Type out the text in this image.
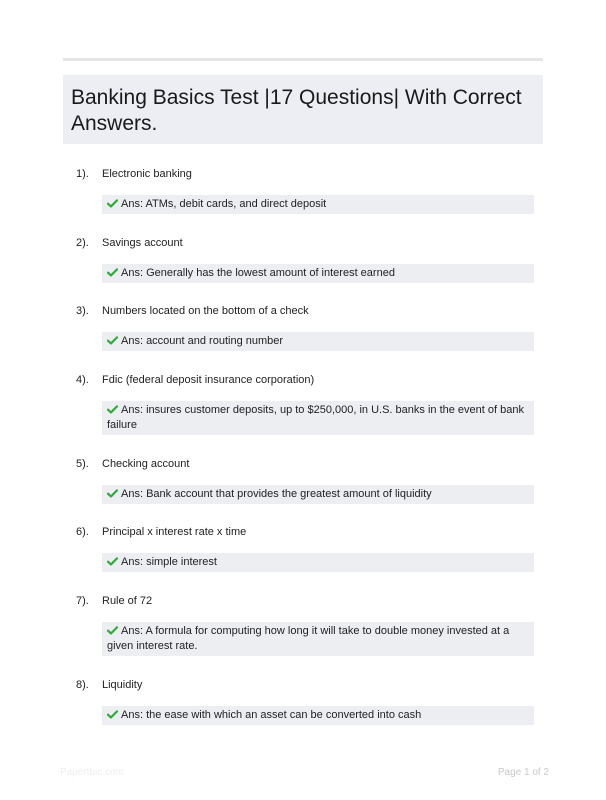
Banking Basics Test |17 Questions| With Correct Answers.
1).	Electronic banking
Ans: ATMs, debit cards, and direct deposit
2).	Savings account
Ans: Generally has the lowest amount of interest earned
3).	Numbers located on the bottom of a check
Ans: account and routing number
4).	Fdic (federal deposit insurance corporation)
Ans: insures customer deposits, up to $250,000, in U.S. banks in the event of bank failure
5).	Checking account
Ans: Bank account that provides the greatest amount of liquidity
6).	Principal x interest rate x time
Ans: simple interest
7).	Rule of 72
Ans: A formula for computing how long it will take to double money invested at a given interest rate.
8).	Liquidity
Ans: the ease with which an asset can be converted into cash
Papertbic.com	Page 1 of 2
